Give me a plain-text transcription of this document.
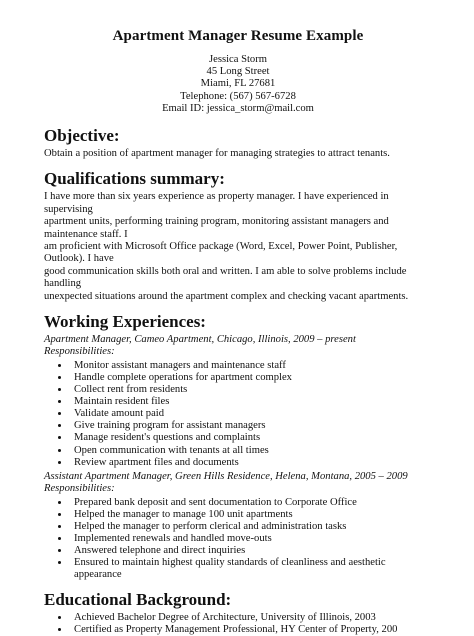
Apartment Manager Resume Example
Jessica Storm
45 Long Street
Miami, FL 27681
Telephone: (567) 567-6728
Email ID: jessica_storm@mail.com
Objective:
Obtain a position of apartment manager for managing strategies to attract tenants.
Qualifications summary:
I have more than six years experience as property manager. I have experienced in supervising
apartment units, performing training program, monitoring assistant managers and maintenance staff. I
am proficient with Microsoft Office package (Word, Excel, Power Point, Publisher, Outlook). I have
good communication skills both oral and written. I am able to solve problems include handling
unexpected situations around the apartment complex and checking vacant apartments.
Working Experiences:
Apartment Manager, Cameo Apartment, Chicago, Illinois, 2009 – present
Responsibilities:
• Monitor assistant managers and maintenance staff
• Handle complete operations for apartment complex
• Collect rent from residents
• Maintain resident files
• Validate amount paid
• Give training program for assistant managers
• Manage resident's questions and complaints
• Open communication with tenants at all times
• Review apartment files and documents
Assistant Apartment Manager, Green Hills Residence, Helena, Montana, 2005 – 2009
Responsibilities:
• Prepared bank deposit and sent documentation to Corporate Office
• Helped the manager to manage 100 unit apartments
• Helped the manager to perform clerical and administration tasks
• Implemented renewals and handled move-outs
• Answered telephone and direct inquiries
• Ensured to maintain highest quality standards of cleanliness and aesthetic appearance
Educational Background:
• Achieved Bachelor Degree of Architecture, University of Illinois, 2003
• Certified as Property Management Professional, HY Center of Property, 200
